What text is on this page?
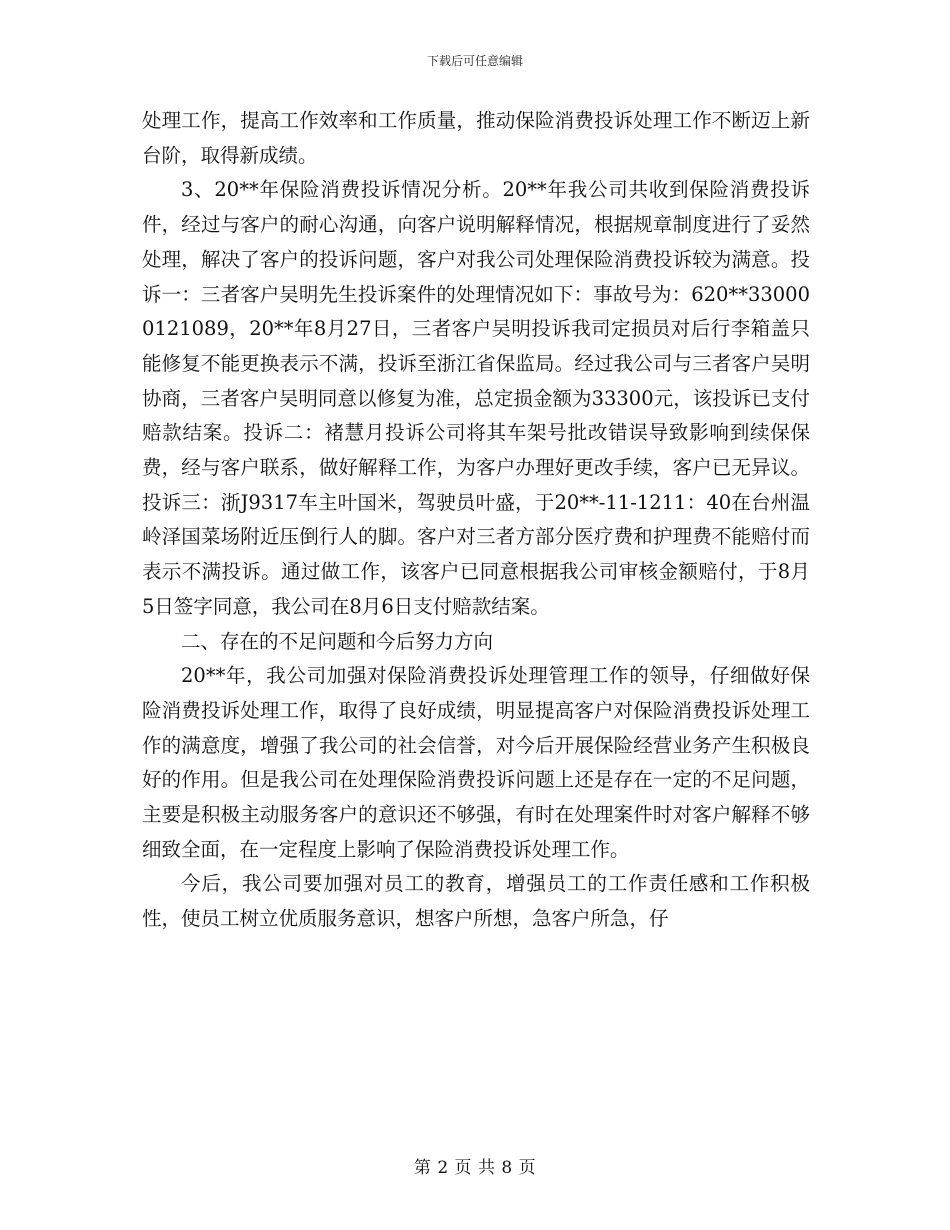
下载后可任意编辑

处理工作，提高工作效率和工作质量，推动保险消费投诉处理工作不断迈上新台阶，取得新成绩。

3、20**年保险消费投诉情况分析。20**年我公司共收到保险消费投诉件，经过与客户的耐心沟通，向客户说明解释情况，根据规章制度进行了妥然处理，解决了客户的投诉问题，客户对我公司处理保险消费投诉较为满意。投诉一：三者客户吴明先生投诉案件的处理情况如下：事故号为：620**330000121089，20**年8月27日，三者客户吴明投诉我司定损员对后行李箱盖只能修复不能更换表示不满，投诉至浙江省保监局。经过我公司与三者客户吴明协商，三者客户吴明同意以修复为准，总定损金额为33300元，该投诉已支付赔款结案。投诉二：褚慧月投诉公司将其车架号批改错误导致影响到续保保费，经与客户联系，做好解释工作，为客户办理好更改手续，客户已无异议。投诉三：浙J9317车主叶国米，驾驶员叶盛，于20**-11-1211：40在台州温岭泽国菜场附近压倒行人的脚。客户对三者方部分医疗费和护理费不能赔付而表示不满投诉。通过做工作，该客户已同意根据我公司审核金额赔付，于8月5日签字同意，我公司在8月6日支付赔款结案。

二、存在的不足问题和今后努力方向

20**年，我公司加强对保险消费投诉处理管理工作的领导，仔细做好保险消费投诉处理工作，取得了良好成绩，明显提高客户对保险消费投诉处理工作的满意度，增强了我公司的社会信誉，对今后开展保险经营业务产生积极良好的作用。但是我公司在处理保险消费投诉问题上还是存在一定的不足问题，主要是积极主动服务客户的意识还不够强，有时在处理案件时对客户解释不够细致全面，在一定程度上影响了保险消费投诉处理工作。

今后，我公司要加强对员工的教育，增强员工的工作责任感和工作积极性，使员工树立优质服务意识，想客户所想，急客户所急，仔

第 2 页 共 8 页
